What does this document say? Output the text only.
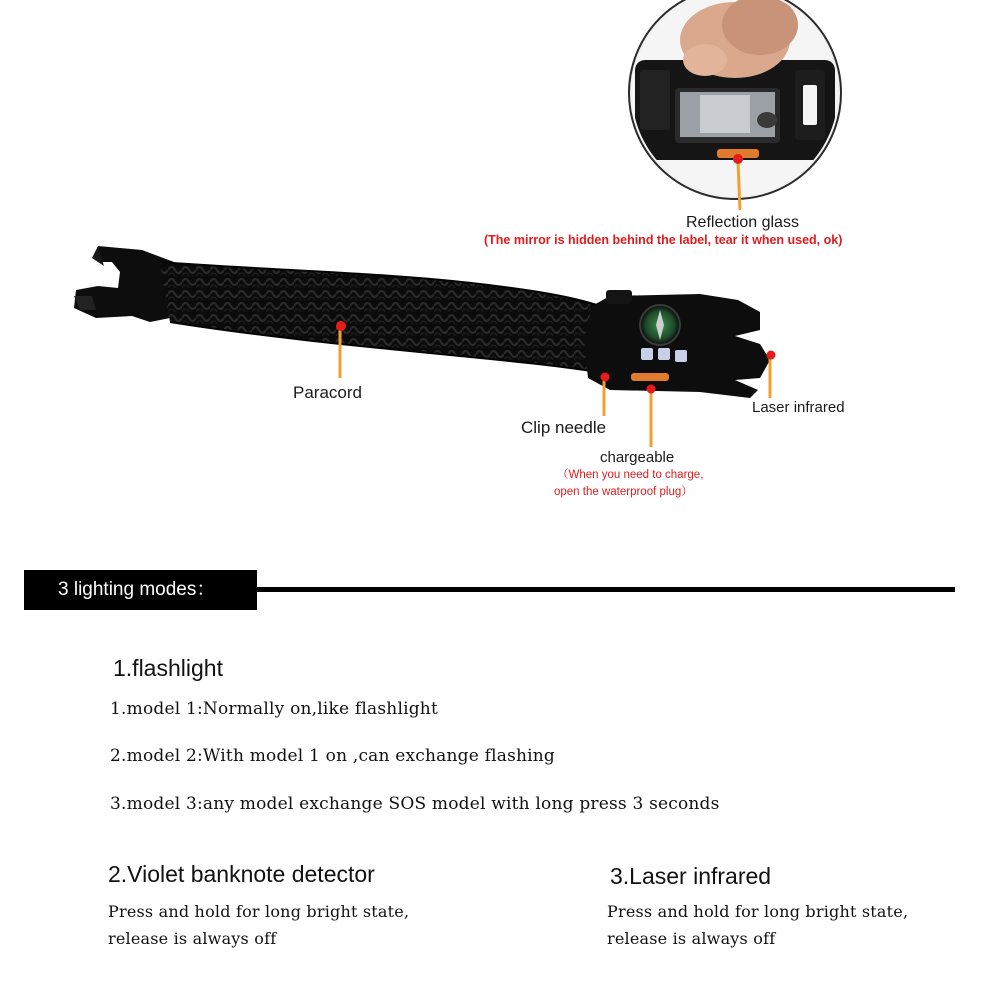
Reflection glass
(The mirror is hidden behind the label, tear it when used, ok)
Paracord
Laser infrared
Clip needle
chargeable
（When you need to charge,
open the waterproof plug）
3 lighting modes：
1.flashlight
1.model 1:Normally on,like flashlight
2.model 2:With model 1 on ,can exchange flashing
3.model 3:any model exchange SOS model with long press 3 seconds
2.Violet banknote detector
Press and hold for long bright state,
release is always off
3.Laser infrared
Press and hold for long bright state,
release is always off
